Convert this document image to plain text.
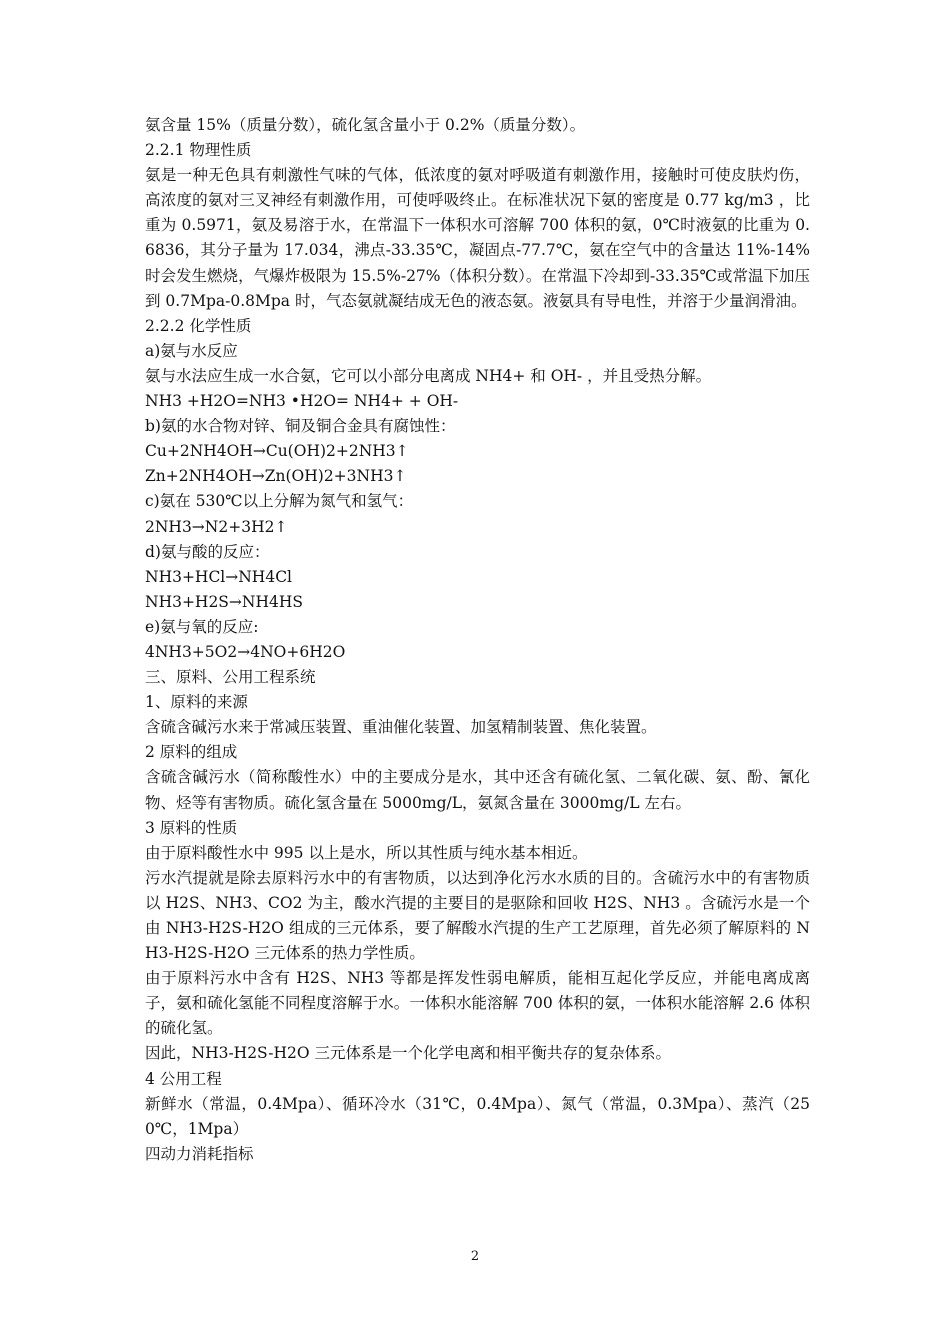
氨含量 15%（质量分数），硫化氢含量小于 0.2%（质量分数）。

2.2.1 物理性质

氨是一种无色具有刺激性气味的气体，低浓度的氨对呼吸道有刺激作用，接触时可使皮肤灼伤，高浓度的氨对三叉神经有刺激作用，可使呼吸终止。在标准状况下氨的密度是 0.77 kg/m3 ，比重为 0.5971，氨及易溶于水，在常温下一体积水可溶解 700 体积的氨，0℃时液氨的比重为 0.6836，其分子量为 17.034，沸点-33.35℃，凝固点-77.7℃，氨在空气中的含量达 11%-14%时会发生燃烧，气爆炸极限为 15.5%-27%（体积分数）。在常温下冷却到-33.35℃或常温下加压到 0.7Mpa-0.8Mpa 时，气态氨就凝结成无色的液态氨。液氨具有导电性，并溶于少量润滑油。

2.2.2 化学性质

a)氨与水反应

氨与水法应生成一水合氨，它可以小部分电离成 NH4+ 和 OH- ，并且受热分解。

NH3 +H2O=NH3 •H2O= NH4+ + OH-

b)氨的水合物对锌、铜及铜合金具有腐蚀性：

Cu+2NH4OH→Cu(OH)2+2NH3↑

Zn+2NH4OH→Zn(OH)2+3NH3↑

c)氨在 530℃以上分解为氮气和氢气：

2NH3→N2+3H2↑

d)氨与酸的反应：

NH3+HCl→NH4Cl

NH3+H2S→NH4HS

e)氨与氧的反应:

4NH3+5O2→4NO+6H2O

三、原料、公用工程系统

1、原料的来源

含硫含碱污水来于常减压装置、重油催化装置、加氢精制装置、焦化装置。

2 原料的组成

含硫含碱污水（简称酸性水）中的主要成分是水，其中还含有硫化氢、二氧化碳、氨、酚、氰化物、烃等有害物质。硫化氢含量在 5000mg/L，氨氮含量在 3000mg/L 左右。

3 原料的性质

由于原料酸性水中 995 以上是水，所以其性质与纯水基本相近。

污水汽提就是除去原料污水中的有害物质，以达到净化污水水质的目的。含硫污水中的有害物质以 H2S、NH3、CO2 为主，酸水汽提的主要目的是驱除和回收 H2S、NH3 。含硫污水是一个由 NH3-H2S-H2O 组成的三元体系，要了解酸水汽提的生产工艺原理，首先必须了解原料的 NH3-H2S-H2O 三元体系的热力学性质。

由于原料污水中含有 H2S、NH3 等都是挥发性弱电解质，能相互起化学反应，并能电离成离子，氨和硫化氢能不同程度溶解于水。一体积水能溶解 700 体积的氨，一体积水能溶解 2.6 体积的硫化氢。

因此，NH3-H2S-H2O 三元体系是一个化学电离和相平衡共存的复杂体系。

4 公用工程

新鲜水（常温，0.4Mpa）、循环冷水（31℃，0.4Mpa）、氮气（常温，0.3Mpa）、蒸汽（250℃，1Mpa）

四动力消耗指标

2
